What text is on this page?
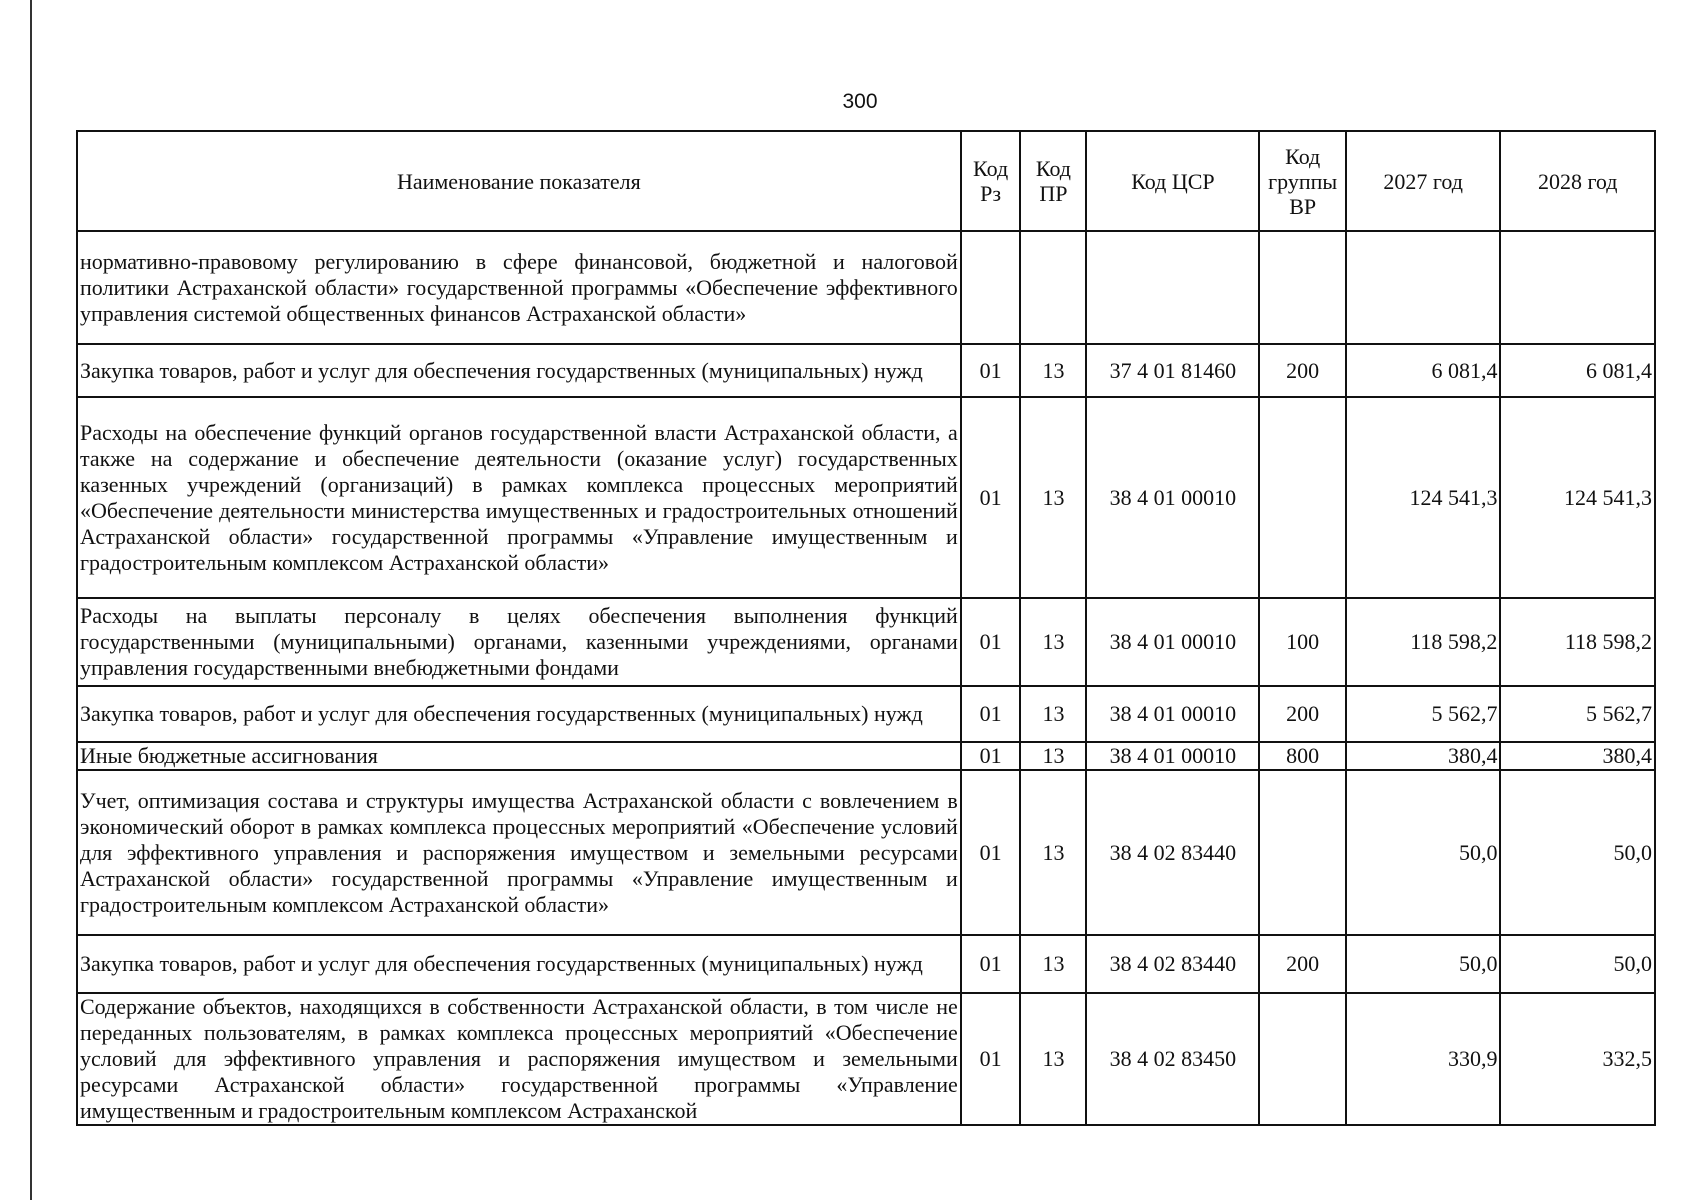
300
Наименование показателя	Код Рз	Код ПР	Код ЦСР	Код группы ВР	2027 год	2028 год
нормативно-правовому регулированию в сфере финансовой, бюджетной и налоговой политики Астраханской области» государственной программы «Обеспечение эффективного управления системой общественных финансов Астраханской области»						
Закупка товаров, работ и услуг для обеспечения государственных (муниципальных) нужд	01	13	37 4 01 81460	200	6 081,4	6 081,4
Расходы на обеспечение функций органов государственной власти Астраханской области, а также на содержание и обеспечение деятельности (оказание услуг) государственных казенных учреждений (организаций) в рамках комплекса процессных мероприятий «Обеспечение деятельности министерства имущественных и градостроительных отношений Астраханской области» государственной программы «Управление имущественным и градостроительным комплексом Астраханской области»	01	13	38 4 01 00010		124 541,3	124 541,3
Расходы на выплаты персоналу в целях обеспечения выполнения функций государственными (муниципальными) органами, казенными учреждениями, органами управления государственными внебюджетными фондами	01	13	38 4 01 00010	100	118 598,2	118 598,2
Закупка товаров, работ и услуг для обеспечения государственных (муниципальных) нужд	01	13	38 4 01 00010	200	5 562,7	5 562,7
Иные бюджетные ассигнования	01	13	38 4 01 00010	800	380,4	380,4
Учет, оптимизация состава и структуры имущества Астраханской области с вовлечением в экономический оборот в рамках комплекса процессных мероприятий «Обеспечение условий для эффективного управления и распоряжения имуществом и земельными ресурсами Астраханской области» государственной программы «Управление имущественным и градостроительным комплексом Астраханской области»	01	13	38 4 02 83440		50,0	50,0
Закупка товаров, работ и услуг для обеспечения государственных (муниципальных) нужд	01	13	38 4 02 83440	200	50,0	50,0
Содержание объектов, находящихся в собственности Астраханской области, в том числе не переданных пользователям, в рамках комплекса процессных мероприятий «Обеспечение условий для эффективного управления и распоряжения имуществом и земельными ресурсами Астраханской области» государственной программы «Управление имущественным и градостроительным комплексом Астраханской	01	13	38 4 02 83450		330,9	332,5
